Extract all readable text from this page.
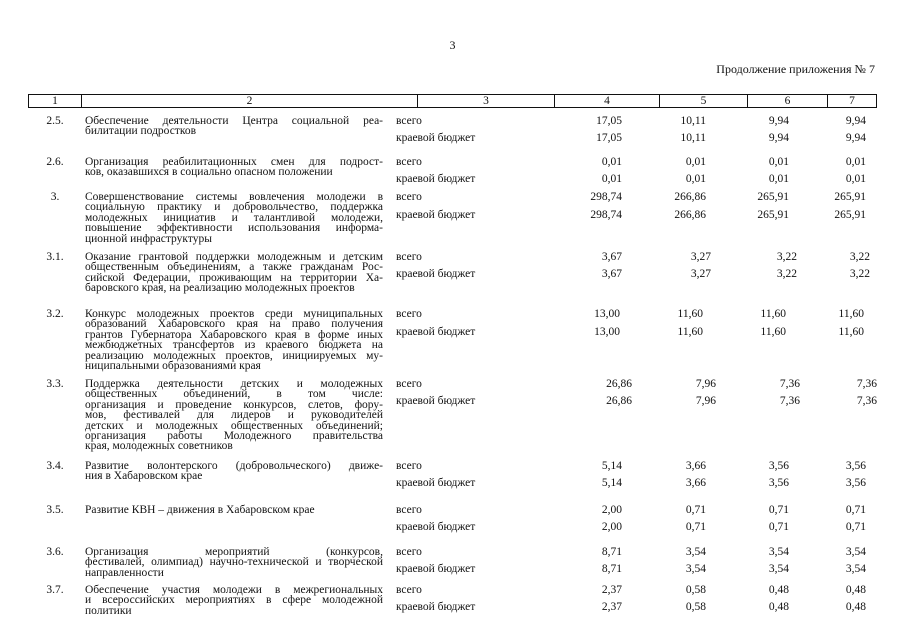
3
Продолжение приложения № 7
1	2	3	4	5	6	7
2.5.	Обеспечение деятельности Центра социальной реа-
билитации подростков
всего	17,05	10,11	9,94	9,94
краевой бюджет	17,05	10,11	9,94	9,94
2.6.	Организация реабилитационных смен для подрост-
ков, оказавшихся в социально опасном положении
всего	0,01	0,01	0,01	0,01
краевой бюджет	0,01	0,01	0,01	0,01
3.	Совершенствование системы вовлечения молодежи в
социальную практику и добровольчество, поддержка
молодежных инициатив и талантливой молодежи,
повышение эффективности использования информа-
ционной инфраструктуры
всего	298,74	266,86	265,91	265,91
краевой бюджет	298,74	266,86	265,91	265,91
3.1.	Оказание грантовой поддержки молодежным и детским
общественным объединениям, а также гражданам Рос-
сийской Федерации, проживающим на территории Ха-
баровского края, на реализацию молодежных проектов
всего	3,67	3,27	3,22	3,22
краевой бюджет	3,67	3,27	3,22	3,22
3.2.	Конкурс молодежных проектов среди муниципальных
образований Хабаровского края на право получения
грантов Губернатора Хабаровского края в форме иных
межбюджетных трансфертов из краевого бюджета на
реализацию молодежных проектов, инициируемых му-
ниципальными образованиями края
всего	13,00	11,60	11,60	11,60
краевой бюджет	13,00	11,60	11,60	11,60
3.3.	Поддержка деятельности детских и молодежных
общественных объединений, в том числе:
организация и проведение конкурсов, слетов, фору-
мов, фестивалей для лидеров и руководителей
детских и молодежных общественных объединений;
организация работы Молодежного правительства
края, молодежных советников
всего	26,86	7,96	7,36	7,36
краевой бюджет	26,86	7,96	7,36	7,36
3.4.	Развитие волонтерского (добровольческого) движе-
ния в Хабаровском крае
всего	5,14	3,66	3,56	3,56
краевой бюджет	5,14	3,66	3,56	3,56
3.5.	Развитие КВН – движения в Хабаровском крае	всего	2,00	0,71	0,71	0,71
краевой бюджет	2,00	0,71	0,71	0,71
3.6.	Организация мероприятий (конкурсов,
фестивалей, олимпиад) научно-технической и творческой
направленности
всего	8,71	3,54	3,54	3,54
краевой бюджет	8,71	3,54	3,54	3,54
3.7.	Обеспечение участия молодежи в межрегиональных
и всероссийских мероприятиях в сфере молодежной
политики
всего	2,37	0,58	0,48	0,48
краевой бюджет	2,37	0,58	0,48	0,48
